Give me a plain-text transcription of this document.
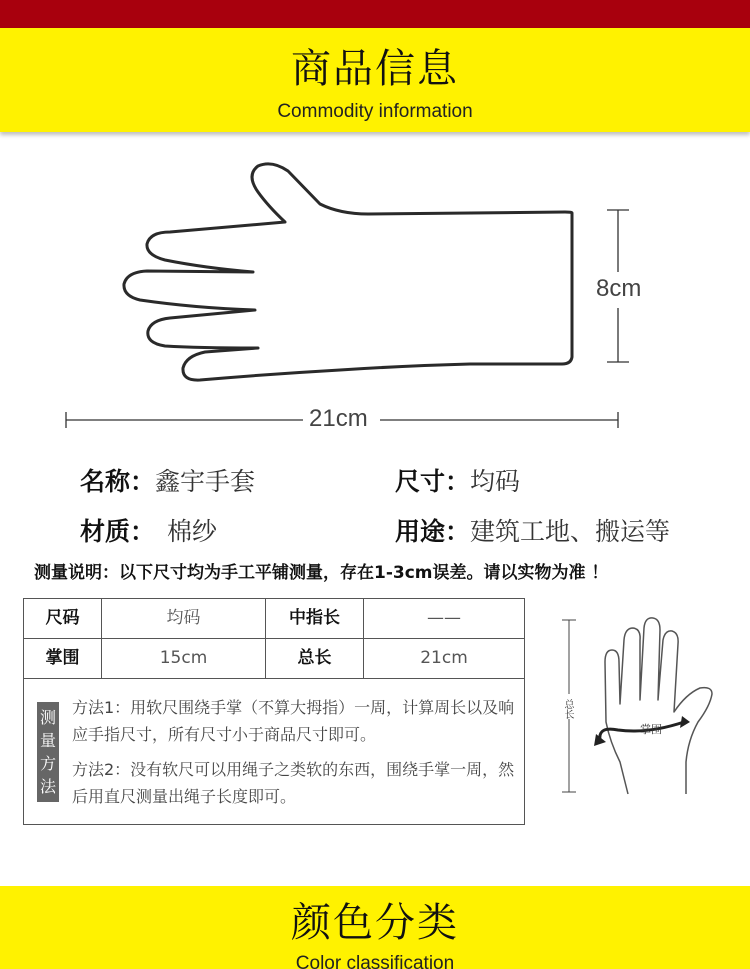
商品信息
Commodity information
8cm
21cm
名称：鑫宇手套	尺寸：均码
材质： 棉纱	用途：建筑工地、搬运等
测量说明：以下尺寸均为手工平铺测量，存在1-3cm误差。请以实物为准 ！
尺码	均码	中指长	——
掌围	15cm	总长	21cm
测
量
方
法
方法1：用软尺围绕手掌（不算大拇指）一周，计算周长以及响应手指尺寸，所有尺寸小于商品尺寸即可。
方法2：没有软尺可以用绳子之类软的东西，围绕手掌一周，然后用直尺测量出绳子长度即可。
总长
掌围
颜色分类
Color classification
